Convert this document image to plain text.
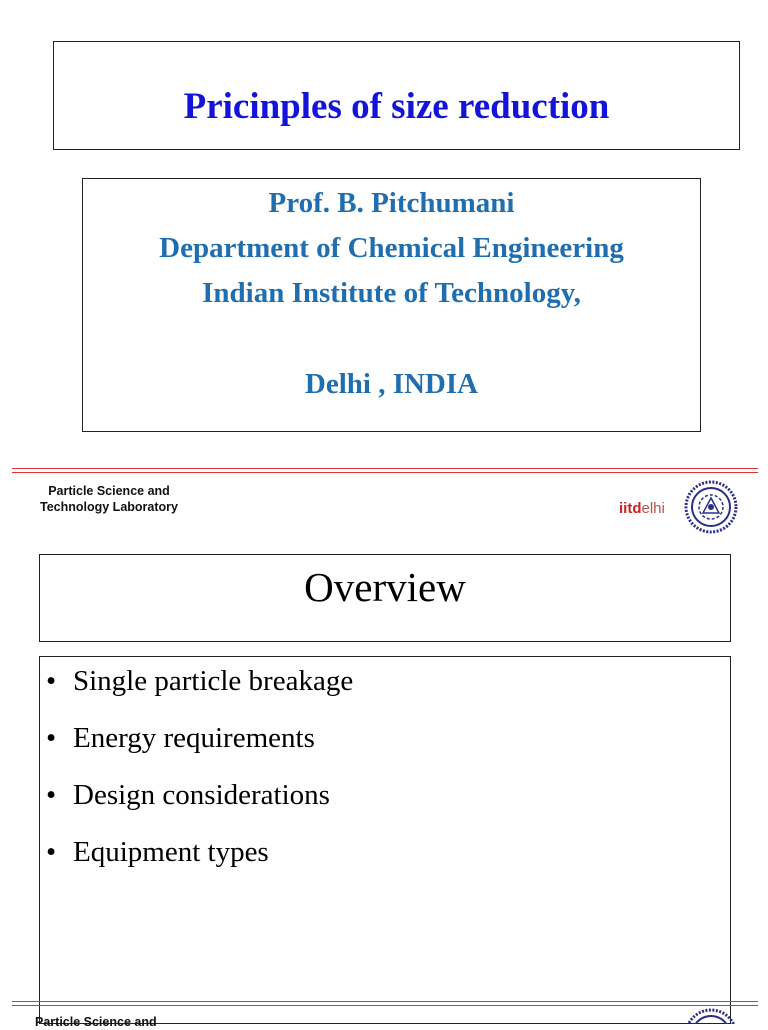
Pricinples of size reduction
Prof. B. Pitchumani
Department of Chemical Engineering
Indian Institute of Technology,
Delhi , INDIA
Particle Science and
Technology Laboratory	iitdelhi
Overview
• Single particle breakage
• Energy requirements
• Design considerations
• Equipment types
Particle Science and
